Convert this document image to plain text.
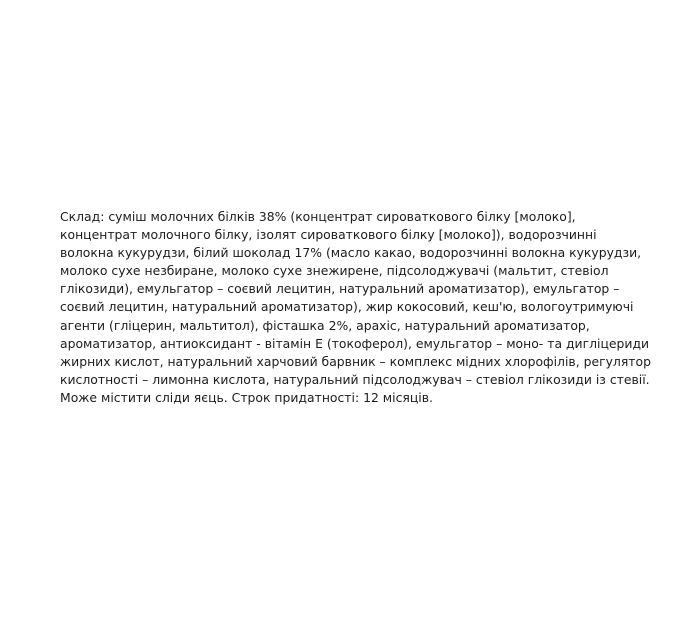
Склад: суміш молочних білків 38% (концентрат сироваткового білку [молоко],
концентрат молочного білку, ізолят сироваткового білку [молоко]), водорозчинні
волокна кукурудзи, білий шоколад 17% (масло какао, водорозчинні волокна кукурудзи,
молоко сухе незбиране, молоко сухе знежирене, підсолоджувачі (мальтит, стевіол
глікозиди), емульгатор – соєвий лецитин, натуральний ароматизатор), емульгатор –
соєвий лецитин, натуральний ароматизатор), жир кокосовий, кеш'ю, вологоутримуючі
агенти (гліцерин, мальтитол), фісташка 2%, арахіс, натуральний ароматизатор,
ароматизатор, антиоксидант - вітамін Е (токоферол), емульгатор – моно- та дигліцериди
жирних кислот, натуральний харчовий барвник – комплекс мідних хлорофілів, регулятор
кислотності – лимонна кислота, натуральний підсолоджувач – стевіол глікозиди із стевії.
Може містити сліди яєць. Строк придатності: 12 місяців.
